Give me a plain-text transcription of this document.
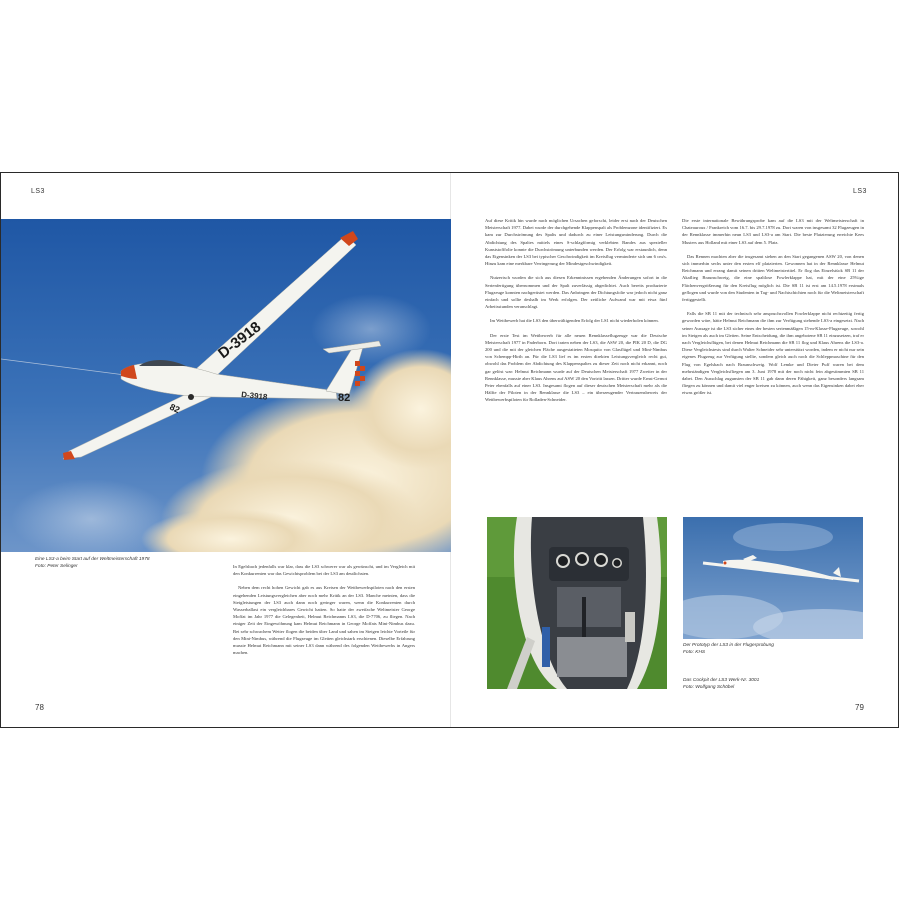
LS3
D-3918
D-3918	82
82
Eine LS3-a beim Start auf der Weltmeisterschaft 1978
Foto: Peter Selinger	In Egelsbach jedenfalls war klar, dass die LS3 schwerer war als gewünscht, und im Vergleich mit den Konkurrenten war das Gewichtsproblem bei der LS3 am deutlichsten.

Neben dem recht hohen Gewicht gab es aus Kreisen der Wettbewerbspiloten nach den ersten eingehenden Leistungsvergleichen aber noch mehr Kritik an der LS3. Manche meinten, dass die Steigleistungen der LS3 auch dann noch geringer waren, wenn die Konkurrenten durch Wasserballast ein vergleichbares Gewicht hatten. So hatte der zweifache Weltmeister George Moffat im Jahr 1977 die Gelegenheit, Helmut Reichmanns LS3, die D-7706, zu fliegen. Nach einiger Zeit der Eingewöhnung kam Helmut Reichmann in George Moffats Mini-Nimbus dazu. Bei sehr schwachem Wetter flogen die beiden über Land und sahen im Steigen leichte Vorteile für den Mini-Nimbus, während die Flugzeuge im Gleiten gleichstark erschienen. Dieselbe Erfahrung musste Helmut Reichmann mit seiner LS3 dann während des folgenden Wettbewerbs in Angers machen.

78

Auf diese Kritik hin wurde nach möglichen Ursachen geforscht, leider erst nach der Deutschen Meisterschaft 1977. Dabei wurde der durchgehende Klappenspalt als Problemzone identifiziert. Es kam zur Durchströmung des Spalts und dadurch zu einer Leistungsminderung. Durch die Abdichtung des Spaltes mittels eines S-schlagförmig verklebten Bandes aus spezieller Kunststofffolie konnte die Durchströmung unterbunden werden. Der Erfolg war erstaunlich, denn das Eigensinken der LS3 bei typischer Geschwindigkeit im Kreisflug verminderte sich um 6 cm/s. Hinzu kam eine merkbare Verringerung der Mindestgeschwindigkeit.

Nutzerisch wurden die sich aus diesen Erkenntnissen ergebenden Änderungen sofort in die Serienfertigung übernommen und der Spalt zuverlässig abgedichtet. Auch bereits produzierte Flugzeuge konnten nachgerüstet werden. Das Anbringen der Dichtungsfolie war jedoch nicht ganz einfach und sollte deshalb im Werk erfolgen. Der zeitliche Aufwand war mit etwa fünf Arbeitsstunden veranschlagt.

Im Wettbewerb hat die LS3 den überwältigenden Erfolg der LS1 nicht wiederholen können.

Der erste Test im Wettbewerb für alle neuen Rennklasseflugzeuge war die Deutsche Meisterschaft 1977 in Paderborn. Dort traten neben der LS3, die ASW 20, die PIK 20 D, die DG 200 und die mit der gleichen Fläche ausgestatteten Mosquito von Glasflügel und Mini-Nimbus von Schempp-Hirth an. Für die LS3 lief es im ersten direkten Leistungsvergleich recht gut, obwohl das Problem der Abdichtung des Klappenspaltes zu dieser Zeit noch nicht erkannt, noch gar gelöst war: Helmut Reichmann wurde auf der Deutschen Meisterschaft 1977 Zweiter in der Rennklasse, musste aber Klaus Ahrens auf ASW 20 den Vortritt lassen. Dritter wurde Ernst-Gernot Peter ebenfalls auf einer LS3. Insgesamt flogen auf dieser deutschen Meisterschaft mehr als die Hälfte der Piloten in der Rennklasse die LS3 – ein überzeugender Vertrauensbeweis der Wettbewerbspiloten für Rolladen-Schneider.

LS3

Die erste internationale Bewährungsprobe kam auf die LS3 mit der Weltmeisterschaft in Chateauroux / Frankreich vom 16.7. bis 29.7.1978 zu. Dort waren von insgesamt 32 Flugzeugen in der Rennklasse immerhin neun LS3 und LS3-a am Start. Die beste Platzierung erreichte Kees Musters aus Holland mit einer LS3 auf dem 5. Platz.

Das Rennen machten aber die insgesamt sieben an den Start gegangenen ASW 20, von denen sich immerhin sechs unter den ersten elf platzierten. Gewonnen hat in der Rennklasse Helmut Reichmann und errang damit seinen dritten Weltmeistertitel. Er flog das Einzelstück SB 11 der Akaflieg Braunschweig, die eine spaltlose Fowlerklappe hat, mit der eine 25%ige Flächenvergrößerung für den Kreisflug möglich ist. Die SB 11 ist erst am 14.5.1978 erstmals geflogen und wurde von den Studenten in Tag- und Nachtschichten noch für die Weltmeisterschaft fertiggestellt.

Falls die SB 11 mit der technisch sehr anspruchsvollen Fowlerklappe nicht rechtzeitig fertig geworden wäre, hätte Helmut Reichmann die ihm zur Verfügung stehende LS3-a eingesetzt. Nach seiner Aussage ist die LS3 sicher eines der besten serienmäßigen 15-m-Klasse-Flugzeuge, sowohl im Steigen als auch im Gleiten. Seine Entscheidung, die ihm angebotene SB 11 einzusetzen, traf er nach Vergleichsflügen, bei denen Helmut Reichmann die SB 11 flog und Klaus Ahrens die LS3-a. Diese Vergleichstests sind durch Walter Schneider sehr unterstützt worden, indem er nicht nur sein eigenes Flugzeug zur Verfügung stellte, sondern gleich auch noch die Schleppmaschine für den Flug von Egelsbach nach Braunschweig. Wolf Lemke und Dieter Puff waren bei dem mehrständigen Vergleichsfliegen am 3. Juni 1978 mit der noch nicht fein abgestimmten SB 11 dabei. Den Ausschlag zugunsten der SB 11 gab dann deren Fähigkeit, ganz besonders langsam fliegen zu können und damit viel enger kreisen zu können, auch wenn das Eigensinken dabei eher etwas größer ist.

Der Prototyp der LS3 in der Flugerprobung
Foto: KHS
Das Cockpit der LS3 Werk-Nr. 3001
Foto: Wolfgang Schöbel
79
